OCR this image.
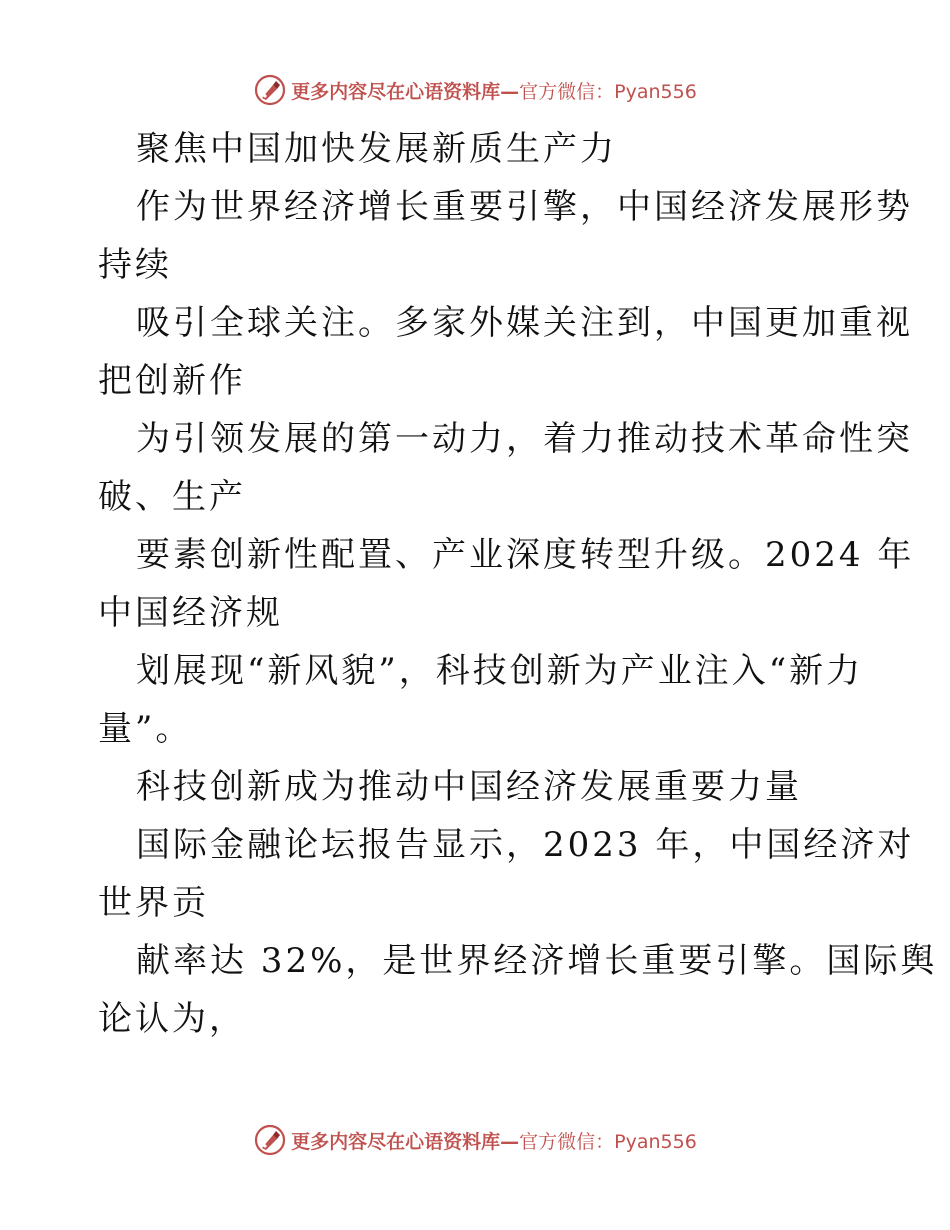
更多内容尽在心语资料库— 官方微信：Pyan556
聚焦中国加快发展新质生产力
作为世界经济增长重要引擎，中国经济发展形势
持续
吸引全球关注。多家外媒关注到，中国更加重视
把创新作
为引领发展的第一动力，着力推动技术革命性突
破、生产
要素创新性配置、产业深度转型升级。2024 年
中国经济规
划展现“新风貌”，科技创新为产业注入“新力
量”。
科技创新成为推动中国经济发展重要力量
国际金融论坛报告显示，2023 年，中国经济对
世界贡
献率达 32%，是世界经济增长重要引擎。国际舆
论认为，
更多内容尽在心语资料库— 官方微信：Pyan556
